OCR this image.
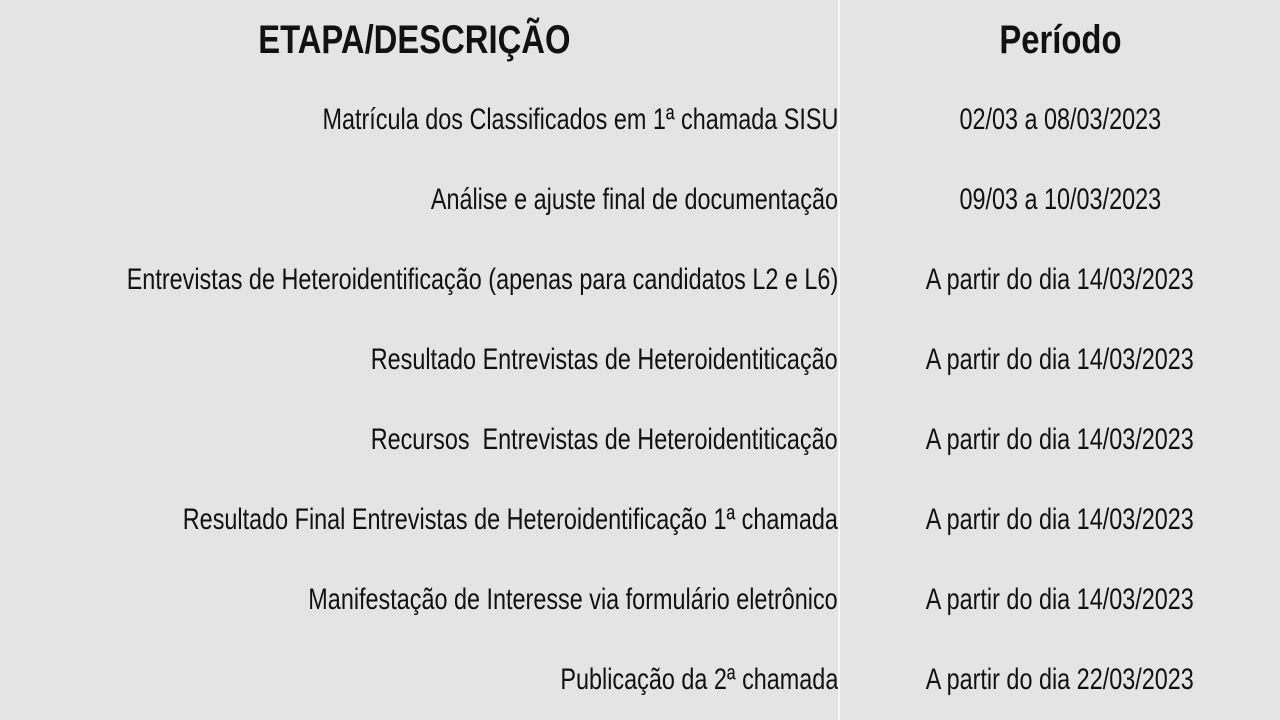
ETAPA/DESCRIÇÃO	Período
Matrícula dos Classificados em 1ª chamada SISU	02/03 a 08/03/2023
Análise e ajuste final de documentação	09/03 a 10/03/2023
Entrevistas de Heteroidentificação (apenas para candidatos L2 e L6)	A partir do dia 14/03/2023
Resultado Entrevistas de Heteroidentiticação	A partir do dia 14/03/2023
Recursos  Entrevistas de Heteroidentiticação	A partir do dia 14/03/2023
Resultado Final Entrevistas de Heteroidentificação 1ª chamada	A partir do dia 14/03/2023
Manifestação de Interesse via formulário eletrônico	A partir do dia 14/03/2023
Publicação da 2ª chamada	A partir do dia 22/03/2023
